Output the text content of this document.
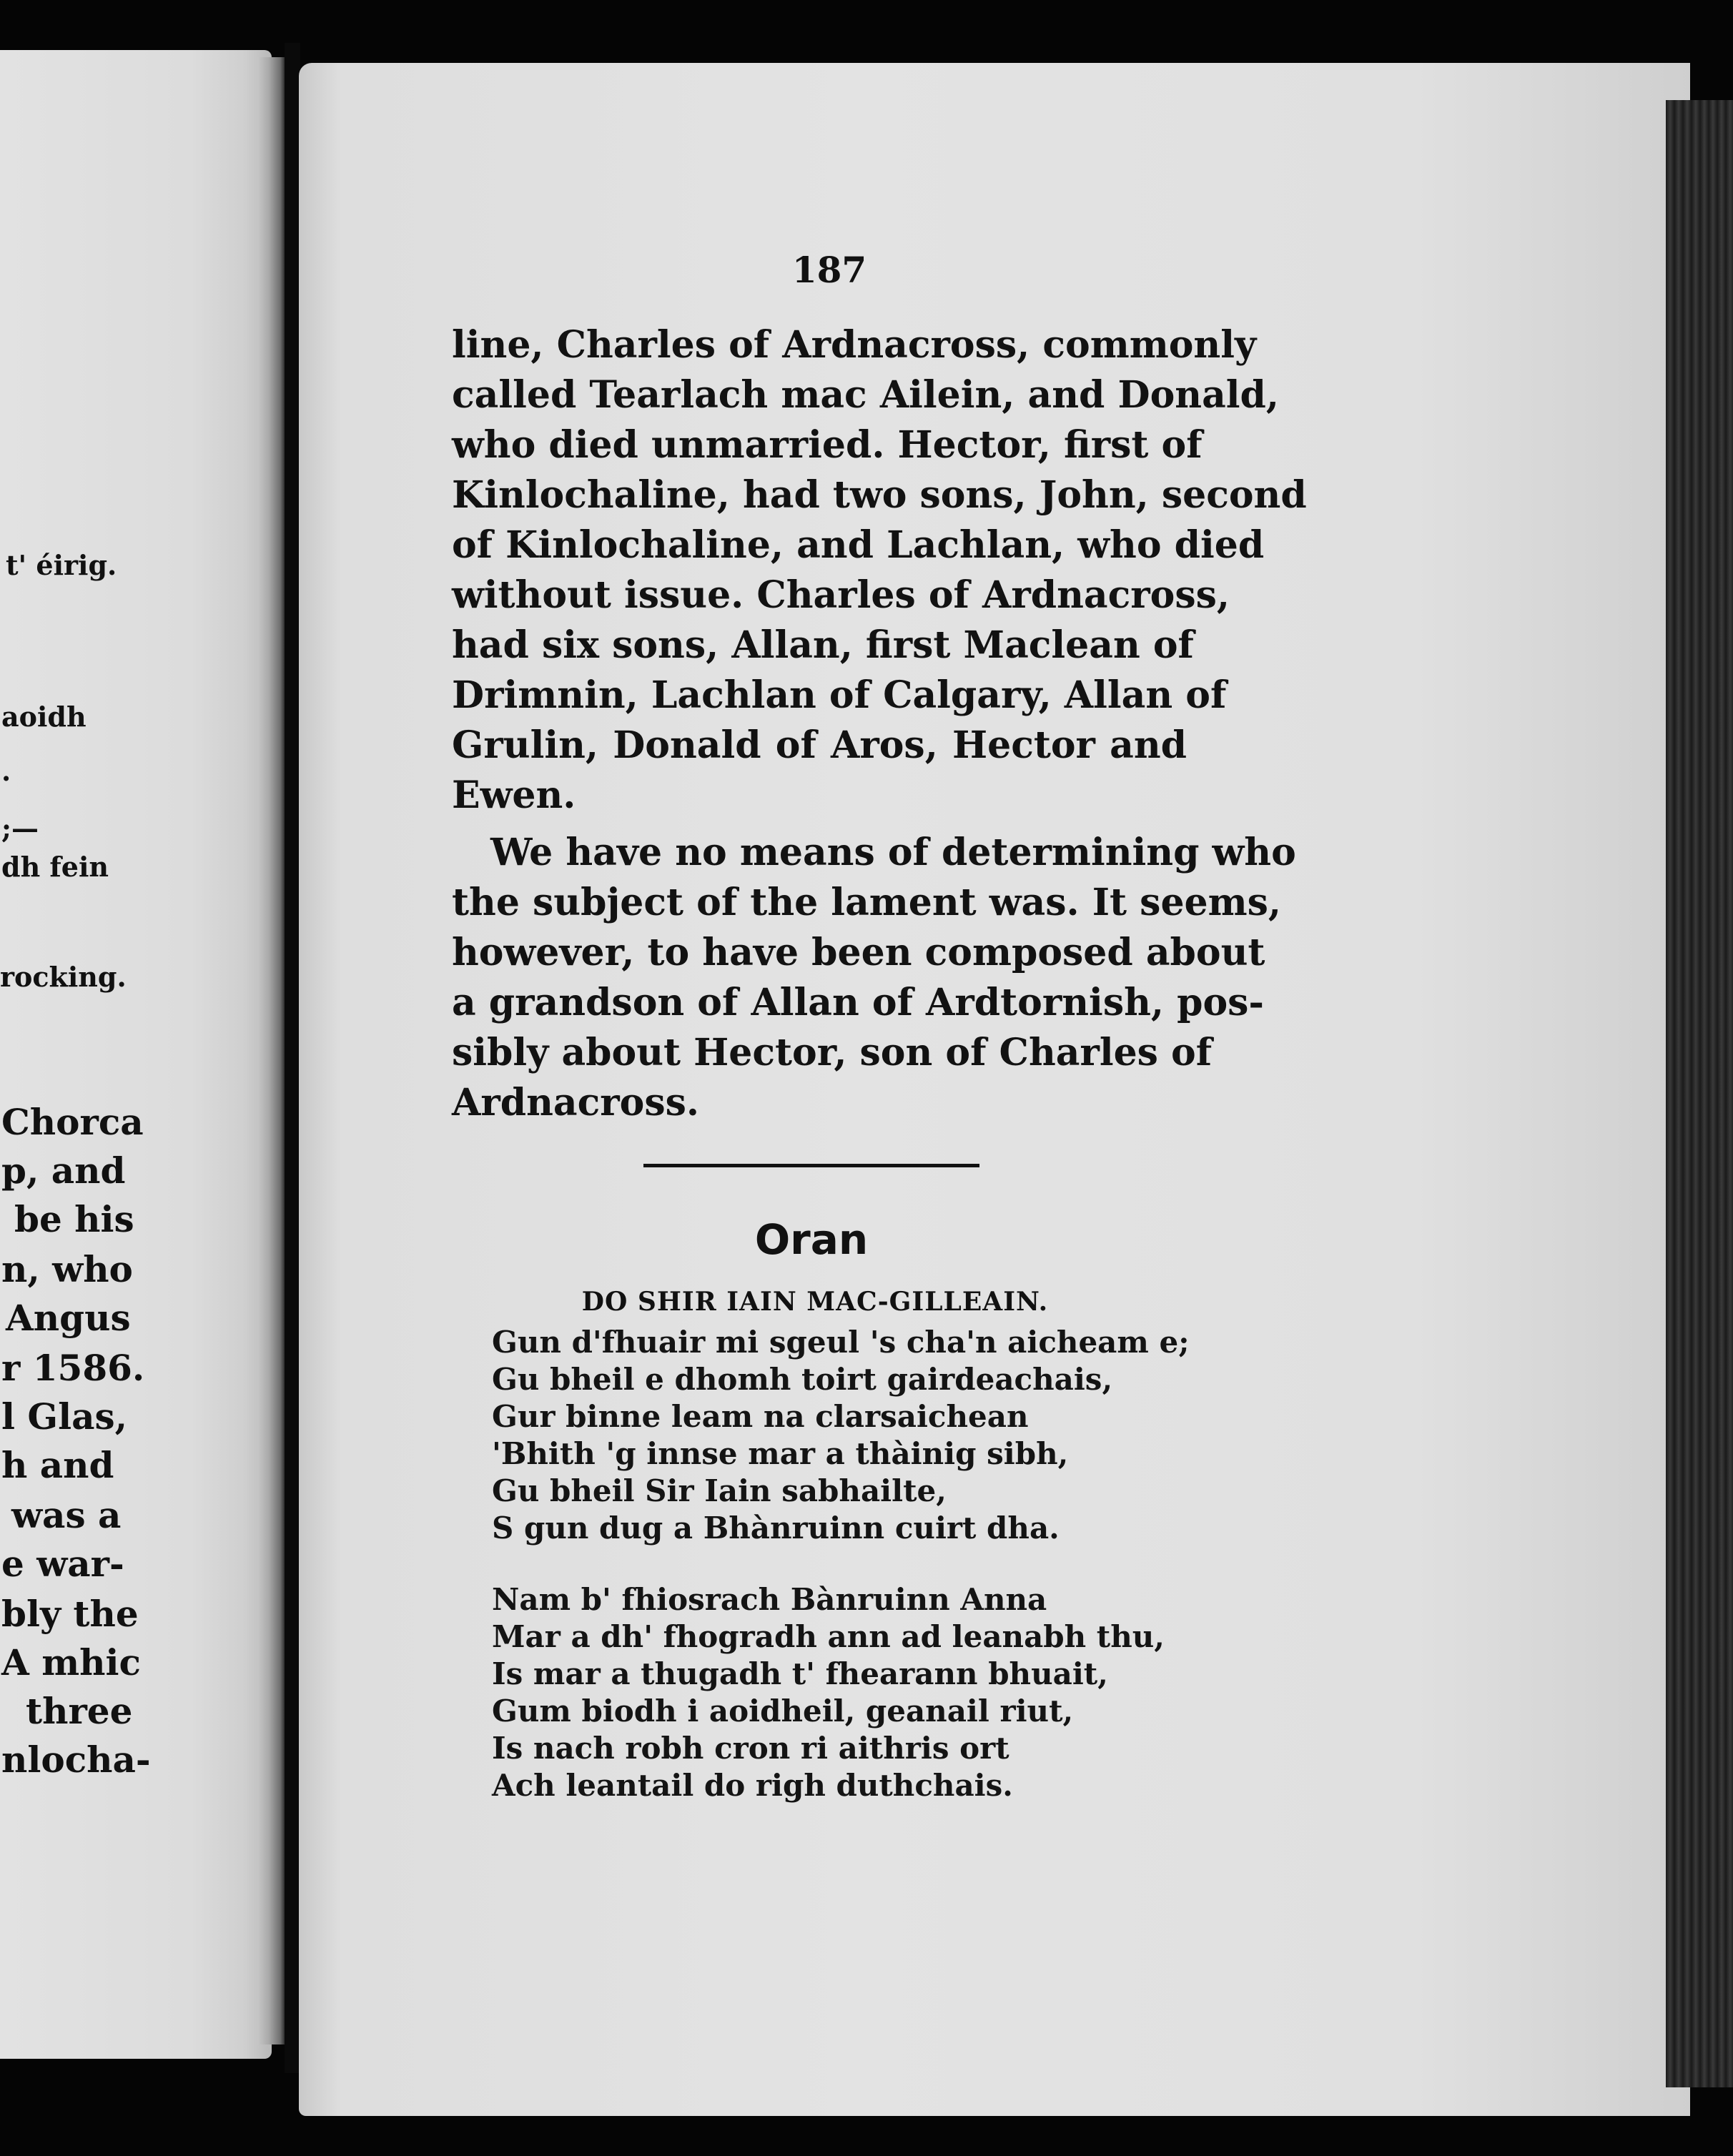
t' éirig.
aoidh
.
;—
dh fein
rocking.
Chorca
p, and
be his
n, who
Angus
r 1586.
l Glas,
h and
was a
e war-
bly the
A mhic
three
nlocha-
187
line, Charles of Ardnacross, commonly
called Tearlach mac Ailein, and Donald,
who died unmarried. Hector, first of
Kinlochaline, had two sons, John, second
of Kinlochaline, and Lachlan, who died
without issue. Charles of Ardnacross,
had six sons, Allan, first Maclean of
Drimnin, Lachlan of Calgary, Allan of
Grulin, Donald of Aros, Hector and
Ewen.
We have no means of determining who
the subject of the lament was. It seems,
however, to have been composed about
a grandson of Allan of Ardtornish, pos-
sibly about Hector, son of Charles of
Ardnacross.
Oran
DO SHIR IAIN MAC-GILLEAIN.
Gun d'fhuair mi sgeul 's cha'n aicheam e;
Gu bheil e dhomh toirt gairdeachais,
Gur binne leam na clarsaichean
'Bhith 'g innse mar a thàinig sibh,
Gu bheil Sir Iain sabhailte,
S gun dug a Bhànruinn cuirt dha.
Nam b' fhiosrach Bànruinn Anna
Mar a dh' fhogradh ann ad leanabh thu,
Is mar a thugadh t' fhearann bhuait,
Gum biodh i aoidheil, geanail riut,
Is nach robh cron ri aithris ort
Ach leantail do righ duthchais.
